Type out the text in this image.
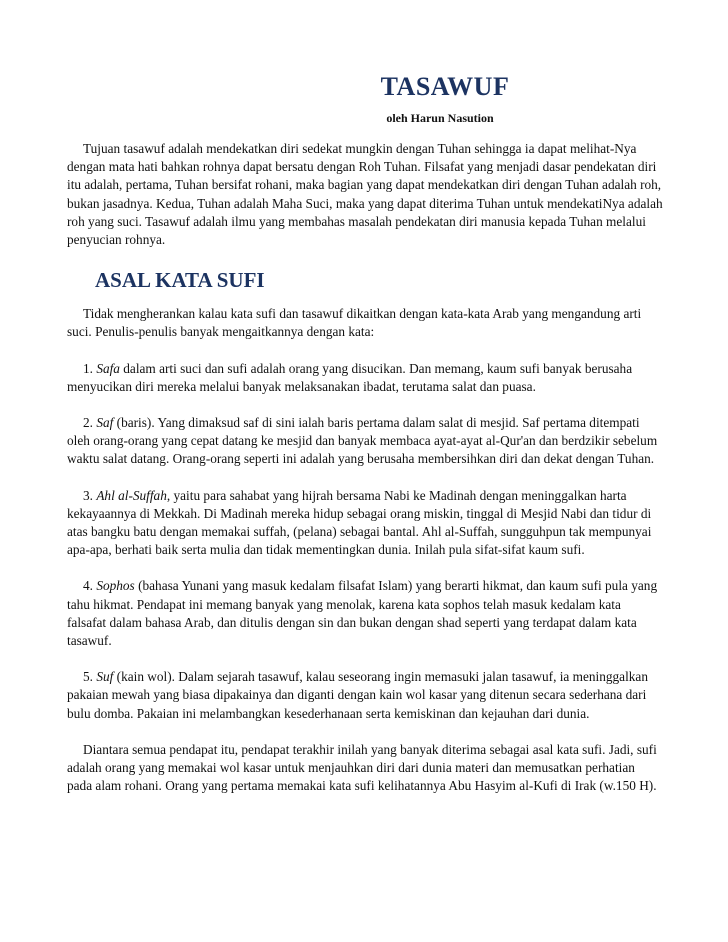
TASAWUF
oleh Harun Nasution

Tujuan tasawuf adalah mendekatkan diri sedekat mungkin dengan Tuhan sehingga ia dapat melihat-Nya dengan mata hati bahkan rohnya dapat bersatu dengan Roh Tuhan. Filsafat yang menjadi dasar pendekatan diri itu adalah, pertama, Tuhan bersifat rohani, maka bagian yang dapat mendekatkan diri dengan Tuhan adalah roh, bukan jasadnya. Kedua, Tuhan adalah Maha Suci, maka yang dapat diterima Tuhan untuk mendekatiNya adalah roh yang suci. Tasawuf adalah ilmu yang membahas masalah pendekatan diri manusia kepada Tuhan melalui penyucian rohnya.

ASAL KATA SUFI

Tidak mengherankan kalau kata sufi dan tasawuf dikaitkan dengan kata-kata Arab yang mengandung arti suci. Penulis-penulis banyak mengaitkannya dengan kata:

1. Safa dalam arti suci dan sufi adalah orang yang disucikan. Dan memang, kaum sufi banyak berusaha menyucikan diri mereka melalui banyak melaksanakan ibadat, terutama salat dan puasa.

2. Saf (baris). Yang dimaksud saf di sini ialah baris pertama dalam salat di mesjid. Saf pertama ditempati oleh orang-orang yang cepat datang ke mesjid dan banyak membaca ayat-ayat al-Qur'an dan berdzikir sebelum waktu salat datang. Orang-orang seperti ini adalah yang berusaha membersihkan diri dan dekat dengan Tuhan.

3. Ahl al-Suffah, yaitu para sahabat yang hijrah bersama Nabi ke Madinah dengan meninggalkan harta kekayaannya di Mekkah. Di Madinah mereka hidup sebagai orang miskin, tinggal di Mesjid Nabi dan tidur di atas bangku batu dengan memakai suffah, (pelana) sebagai bantal. Ahl al-Suffah, sungguhpun tak mempunyai apa-apa, berhati baik serta mulia dan tidak mementingkan dunia. Inilah pula sifat-sifat kaum sufi.

4. Sophos (bahasa Yunani yang masuk kedalam filsafat Islam) yang berarti hikmat, dan kaum sufi pula yang tahu hikmat. Pendapat ini memang banyak yang menolak, karena kata sophos telah masuk kedalam kata falsafat dalam bahasa Arab, dan ditulis dengan sin dan bukan dengan shad seperti yang terdapat dalam kata tasawuf.

5. Suf (kain wol). Dalam sejarah tasawuf, kalau seseorang ingin memasuki jalan tasawuf, ia meninggalkan pakaian mewah yang biasa dipakainya dan diganti dengan kain wol kasar yang ditenun secara sederhana dari bulu domba. Pakaian ini melambangkan kesederhanaan serta kemiskinan dan kejauhan dari dunia.

Diantara semua pendapat itu, pendapat terakhir inilah yang banyak diterima sebagai asal kata sufi. Jadi, sufi adalah orang yang memakai wol kasar untuk menjauhkan diri dari dunia materi dan memusatkan perhatian pada alam rohani. Orang yang pertama memakai kata sufi kelihatannya Abu Hasyim al-Kufi di Irak (w.150 H).
